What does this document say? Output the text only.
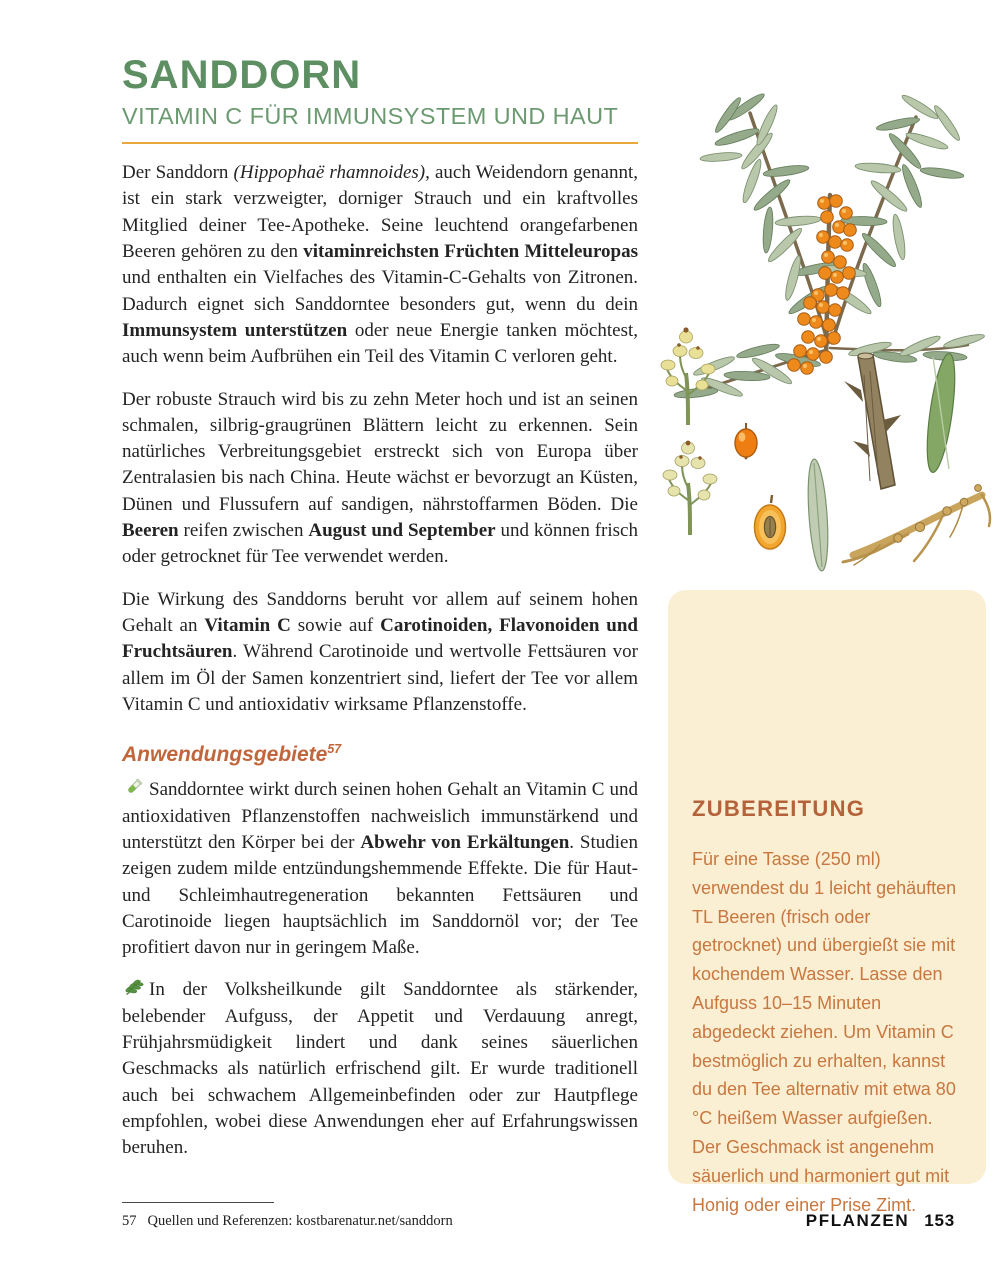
SANDDORN
VITAMIN C FÜR IMMUNSYSTEM UND HAUT

Der Sanddorn (Hippophaë rhamnoides), auch Weidendorn genannt, ist ein stark verzweigter, dorniger Strauch und ein kraftvolles Mitglied deiner Tee-Apotheke. Seine leuchtend orangefarbenen Beeren gehören zu den vitaminreichsten Früchten Mitteleuropas und enthalten ein Vielfaches des Vitamin-C-Gehalts von Zitronen. Dadurch eignet sich Sanddorntee besonders gut, wenn du dein Immunsystem unterstützen oder neue Energie tanken möchtest, auch wenn beim Aufbrühen ein Teil des Vitamin C verloren geht.

Der robuste Strauch wird bis zu zehn Meter hoch und ist an seinen schmalen, silbrig-graugrünen Blättern leicht zu erkennen. Sein natürliches Verbreitungsgebiet erstreckt sich von Europa über Zentralasien bis nach China. Heute wächst er bevorzugt an Küsten, Dünen und Flussufern auf sandigen, nährstoffarmen Böden. Die Beeren reifen zwischen August und September und können frisch oder getrocknet für Tee verwendet werden.

Die Wirkung des Sanddorns beruht vor allem auf seinem hohen Gehalt an Vitamin C sowie auf Carotinoiden, Flavonoiden und Fruchtsäuren. Während Carotinoide und wertvolle Fettsäuren vor allem im Öl der Samen konzentriert sind, liefert der Tee vor allem Vitamin C und antioxidativ wirksame Pflanzenstoffe.

Anwendungsgebiete$^{57}$

Sanddorntee wirkt durch seinen hohen Gehalt an Vitamin C und antioxidativen Pflanzenstoffen nachweislich immunstärkend und unterstützt den Körper bei der Abwehr von Erkältungen. Studien zeigen zudem milde entzündungshemmende Effekte. Die für Haut- und Schleimhautregeneration bekannten Fettsäuren und Carotinoide liegen hauptsächlich im Sanddornöl vor; der Tee profitiert davon nur in geringem Maße.

In der Volksheilkunde gilt Sanddorntee als stärkender, belebender Aufguss, der Appetit und Verdauung anregt, Frühjahrsmüdigkeit lindert und dank seines säuerlichen Geschmacks als natürlich erfrischend gilt. Er wurde traditionell auch bei schwachem Allgemeinbefinden oder zur Hautpflege empfohlen, wobei diese Anwendungen eher auf Erfahrungswissen beruhen.

ZUBEREITUNG

Für eine Tasse (250 ml) verwendest du 1 leicht gehäuften TL Beeren (frisch oder getrocknet) und übergießt sie mit kochendem Wasser. Lasse den Aufguss 10–15 Minuten abgedeckt ziehen. Um Vitamin C bestmöglich zu erhalten, kannst du den Tee alternativ mit etwa 80 °C heißem Wasser aufgießen. Der Geschmack ist angenehm säuerlich und harmoniert gut mit Honig oder einer Prise Zimt.

57 Quellen und Referenzen: kostbarenatur.net/sanddorn	PFLANZEN 153
